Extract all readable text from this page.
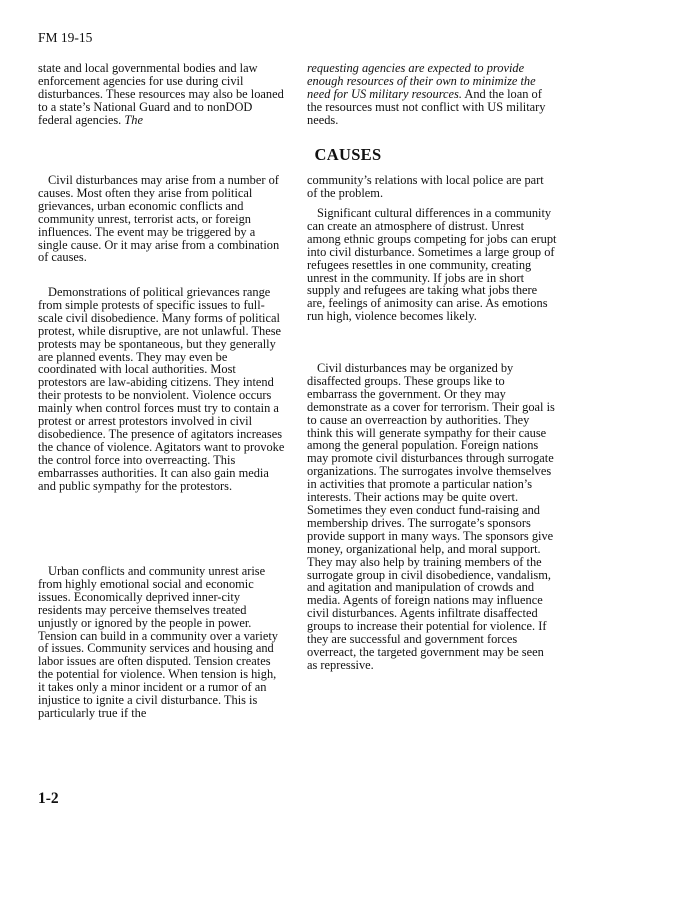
FM 19-15

state and local governmental bodies and law enforcement agencies for use during civil disturbances. These resources may also be loaned to a state’s National Guard and to nonDOD federal agencies. The

requesting agencies are expected to provide enough resources of their own to minimize the need for US military resources. And the loan of the resources must not conflict with US military needs.

CAUSES

Civil disturbances may arise from a number of causes. Most often they arise from political grievances, urban economic conflicts and community unrest, terrorist acts, or foreign influences. The event may be triggered by a single cause. Or it may arise from a combination of causes.

Demonstrations of political grievances range from simple protests of specific issues to full-scale civil disobedience. Many forms of political protest, while disruptive, are not unlawful. These protests may be spontaneous, but they generally are planned events. They may even be coordinated with local authorities. Most protestors are law-abiding citizens. They intend their protests to be nonviolent. Violence occurs mainly when control forces must try to contain a protest or arrest protestors involved in civil disobedience. The presence of agitators increases the chance of violence. Agitators want to provoke the control force into overreacting. This embarrasses authorities. It can also gain media and public sympathy for the protestors.

Urban conflicts and community unrest arise from highly emotional social and economic issues. Economically deprived inner-city residents may perceive themselves treated unjustly or ignored by the people in power. Tension can build in a community over a variety of issues. Community services and housing and labor issues are often disputed. Tension creates the potential for violence. When tension is high, it takes only a minor incident or a rumor of an injustice to ignite a civil disturbance. This is particularly true if the

community’s relations with local police are part of the problem.

Significant cultural differences in a community can create an atmosphere of distrust. Unrest among ethnic groups competing for jobs can erupt into civil disturbance. Sometimes a large group of refugees resettles in one community, creating unrest in the community. If jobs are in short supply and refugees are taking what jobs there are, feelings of animosity can arise. As emotions run high, violence becomes likely.

Civil disturbances may be organized by disaffected groups. These groups like to embarrass the government. Or they may demonstrate as a cover for terrorism. Their goal is to cause an overreaction by authorities. They think this will generate sympathy for their cause among the general population. Foreign nations may promote civil disturbances through surrogate organizations. The surrogates involve themselves in activities that promote a particular nation’s interests. Their actions may be quite overt. Sometimes they even conduct fund-raising and membership drives. The surrogate’s sponsors provide support in many ways. The sponsors give money, organizational help, and moral support. They may also help by training members of the surrogate group in civil disobedience, vandalism, and agitation and manipulation of crowds and media. Agents of foreign nations may influence civil disturbances. Agents infiltrate disaffected groups to increase their potential for violence. If they are successful and government forces overreact, the targeted government may be seen as repressive.

1-2
